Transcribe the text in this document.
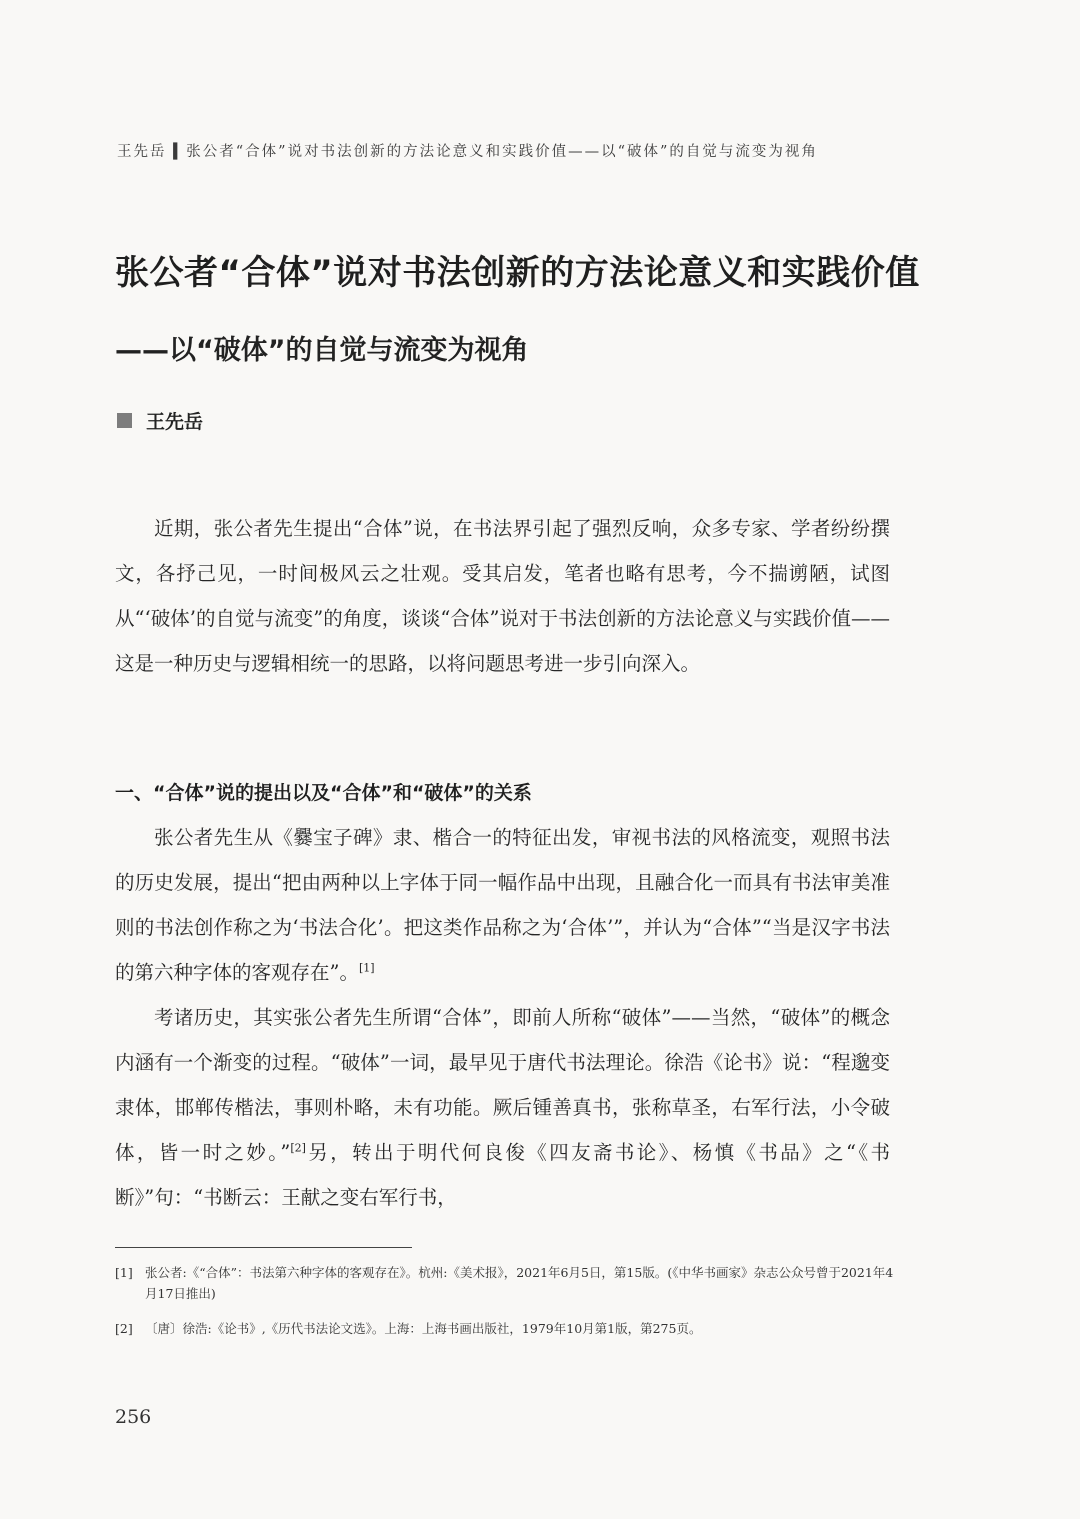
王先岳 ▍张公者“合体”说对书法创新的方法论意义和实践价值——以“破体”的自觉与流变为视角
张公者“合体”说对书法创新的方法论意义和实践价值
——以“破体”的自觉与流变为视角
王先岳

近期，张公者先生提出“合体”说，在书法界引起了强烈反响，众多专家、学者纷纷撰文，各抒己见，一时间极风云之壮观。受其启发，笔者也略有思考，今不揣谫陋，试图从“‘破体’的自觉与流变”的角度，谈谈“合体”说对于书法创新的方法论意义与实践价值——这是一种历史与逻辑相统一的思路，以将问题思考进一步引向深入。

一、“合体”说的提出以及“合体”和“破体”的关系

张公者先生从《爨宝子碑》隶、楷合一的特征出发，审视书法的风格流变，观照书法的历史发展，提出“把由两种以上字体于同一幅作品中出现，且融合化一而具有书法审美准则的书法创作称之为‘书法合化’。把这类作品称之为‘合体’”，并认为“合体”“当是汉字书法的第六种字体的客观存在”。[1]

考诸历史，其实张公者先生所谓“合体”，即前人所称“破体”——当然，“破体”的概念内涵有一个渐变的过程。“破体”一词，最早见于唐代书法理论。徐浩《论书》说：“程邈变隶体，邯郸传楷法，事则朴略，未有功能。厥后锺善真书，张称草圣，右军行法，小令破体，皆一时之妙。”[2]另，转出于明代何良俊《四友斋书论》、杨慎《书品》之“《书断》”句：“书断云：王献之变右军行书，

[1] 张公者:《“合体”：书法第六种字体的客观存在》。杭州:《美术报》，2021年6月5日，第15版。(《中华书画家》杂志公众号曾于2021年4月17日推出)
[2] 〔唐〕徐浩:《论书》,《历代书法论文选》。上海：上海书画出版社，1979年10月第1版，第275页。
256
